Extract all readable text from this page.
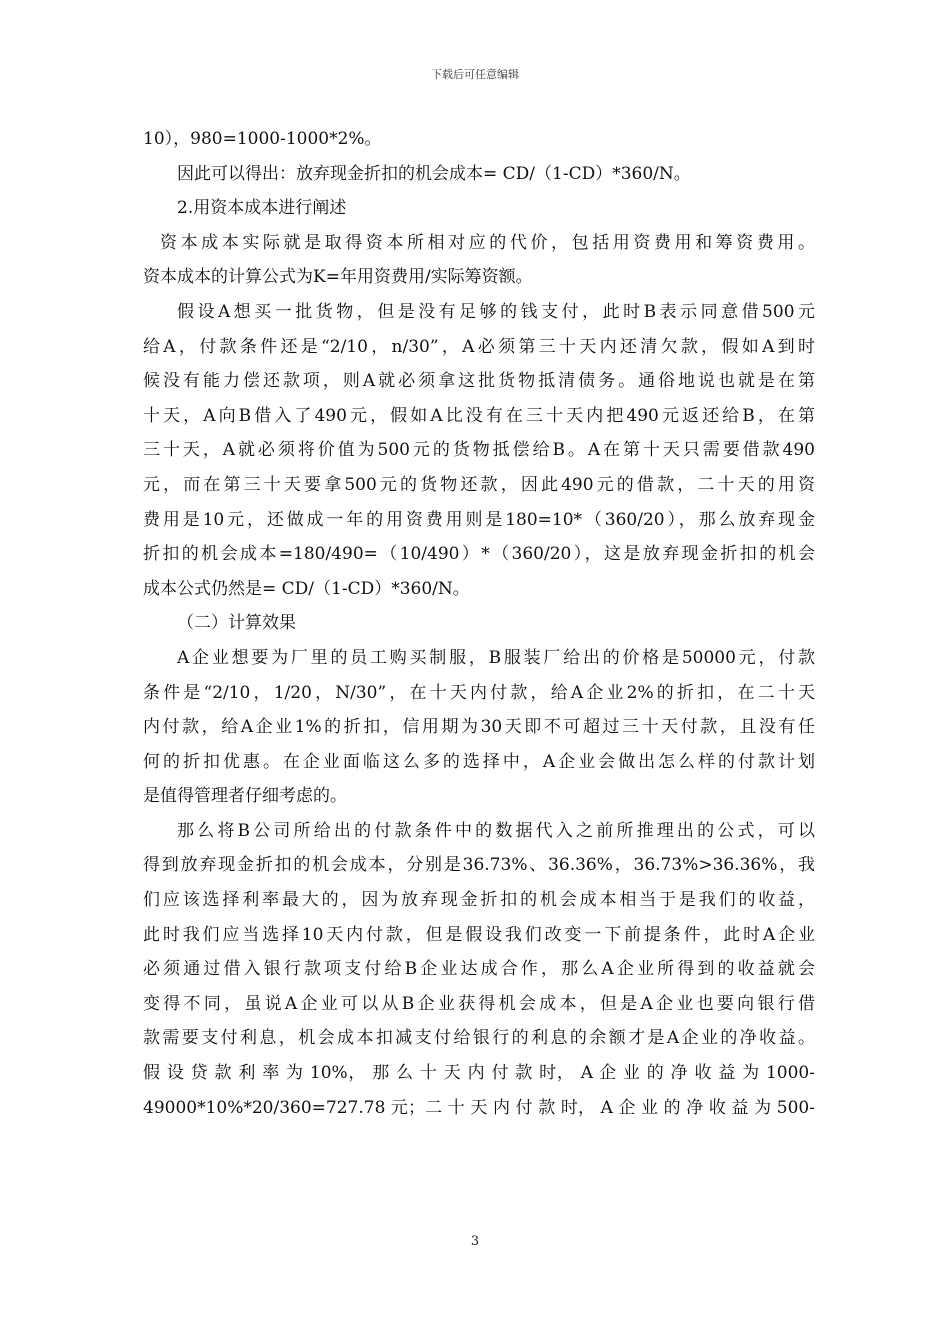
下载后可任意编辑
10），980=1000-1000*2%。
因此可以得出：放弃现金折扣的机会成本= CD/（1-CD）*360/N。
2.用资本成本进行阐述
资本成本实际就是取得资本所相对应的代价，包括用资费用和筹资费用。
资本成本的计算公式为K=年用资费用/实际筹资额。
假设A想买一批货物，但是没有足够的钱支付，此时B表示同意借500元
给A，付款条件还是“2/10，n/30”，A必须第三十天内还清欠款，假如A到时
候没有能力偿还款项，则A就必须拿这批货物抵清债务。通俗地说也就是在第
十天，A向B借入了490元，假如A比没有在三十天内把490元返还给B，在第
三十天，A就必须将价值为500元的货物抵偿给B。A在第十天只需要借款490
元，而在第三十天要拿500元的货物还款，因此490元的借款，二十天的用资
费用是10元，还做成一年的用资费用则是180=10*（360/20），那么放弃现金
折扣的机会成本=180/490=（10/490）*（360/20），这是放弃现金折扣的机会
成本公式仍然是= CD/（1-CD）*360/N。
（二）计算效果
A企业想要为厂里的员工购买制服，B服装厂给出的价格是50000元，付款
条件是“2/10，1/20，N/30”，在十天内付款，给A企业2%的折扣，在二十天
内付款，给A企业1%的折扣，信用期为30天即不可超过三十天付款，且没有任
何的折扣优惠。在企业面临这么多的选择中，A企业会做出怎么样的付款计划
是值得管理者仔细考虑的。
那么将B公司所给出的付款条件中的数据代入之前所推理出的公式，可以
得到放弃现金折扣的机会成本，分别是36.73%、36.36%，36.73%>36.36%，我
们应该选择利率最大的，因为放弃现金折扣的机会成本相当于是我们的收益，
此时我们应当选择10天内付款，但是假设我们改变一下前提条件，此时A企业
必须通过借入银行款项支付给B企业达成合作，那么A企业所得到的收益就会
变得不同，虽说A企业可以从B企业获得机会成本，但是A企业也要向银行借
款需要支付利息，机会成本扣减支付给银行的利息的余额才是A企业的净收益。
假 设 贷 款 利 率 为 10%， 那 么 十 天 内 付 款 时， A 企 业 的 净 收 益 为 1000-
49000*10%*20/360=727.78 元；二 十 天 内 付 款 时， A 企 业 的 净 收 益 为 500-
3
